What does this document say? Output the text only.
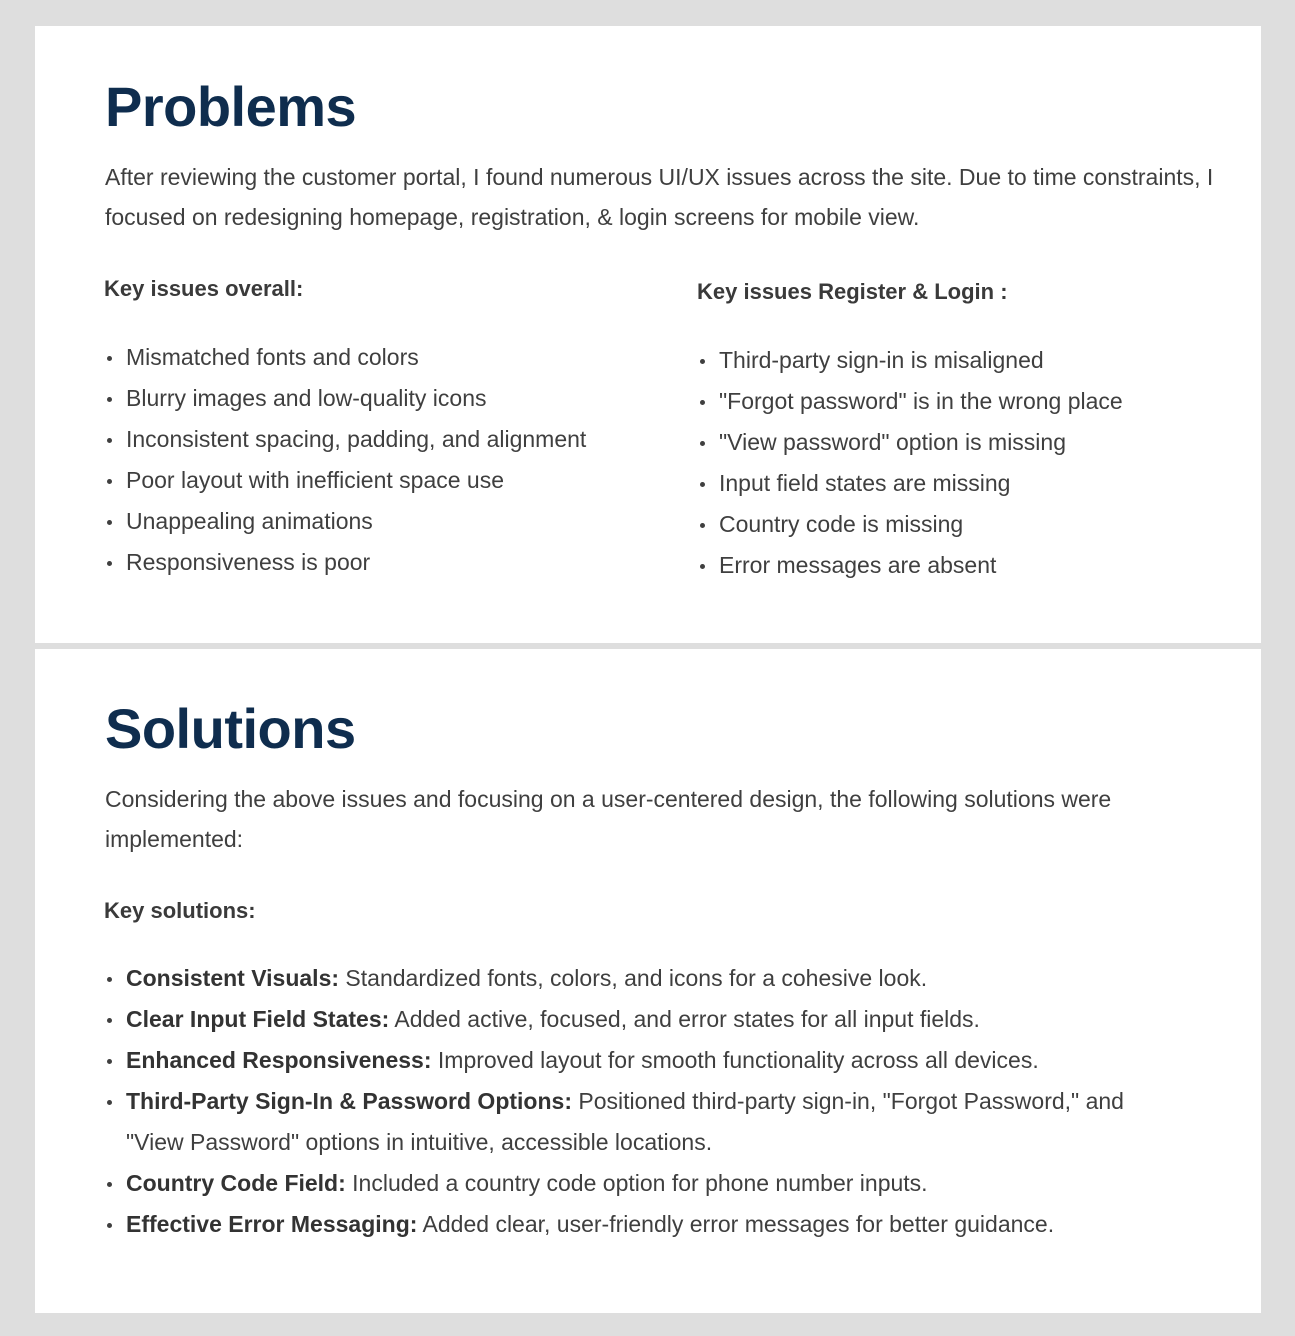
Problems

After reviewing the customer portal, I found numerous UI/UX issues across the site. Due to time constraints, I focused on redesigning homepage, registration, & login screens for mobile view.

Key issues overall:
Mismatched fonts and colors
Blurry images and low-quality icons
Inconsistent spacing, padding, and alignment
Poor layout with inefficient space use
Unappealing animations
Responsiveness is poor
Key issues Register & Login :
Third-party sign-in is misaligned
"Forgot password" is in the wrong place
"View password" option is missing
Input field states are missing
Country code is missing
Error messages are absent
Solutions

Considering the above issues and focusing on a user-centered design, the following solutions were implemented:

Key solutions:
Consistent Visuals: Standardized fonts, colors, and icons for a cohesive look.
Clear Input Field States: Added active, focused, and error states for all input fields.
Enhanced Responsiveness: Improved layout for smooth functionality across all devices.
Third-Party Sign-In & Password Options: Positioned third-party sign-in, "Forgot Password," and "View Password" options in intuitive, accessible locations.
Country Code Field: Included a country code option for phone number inputs.
Effective Error Messaging: Added clear, user-friendly error messages for better guidance.
